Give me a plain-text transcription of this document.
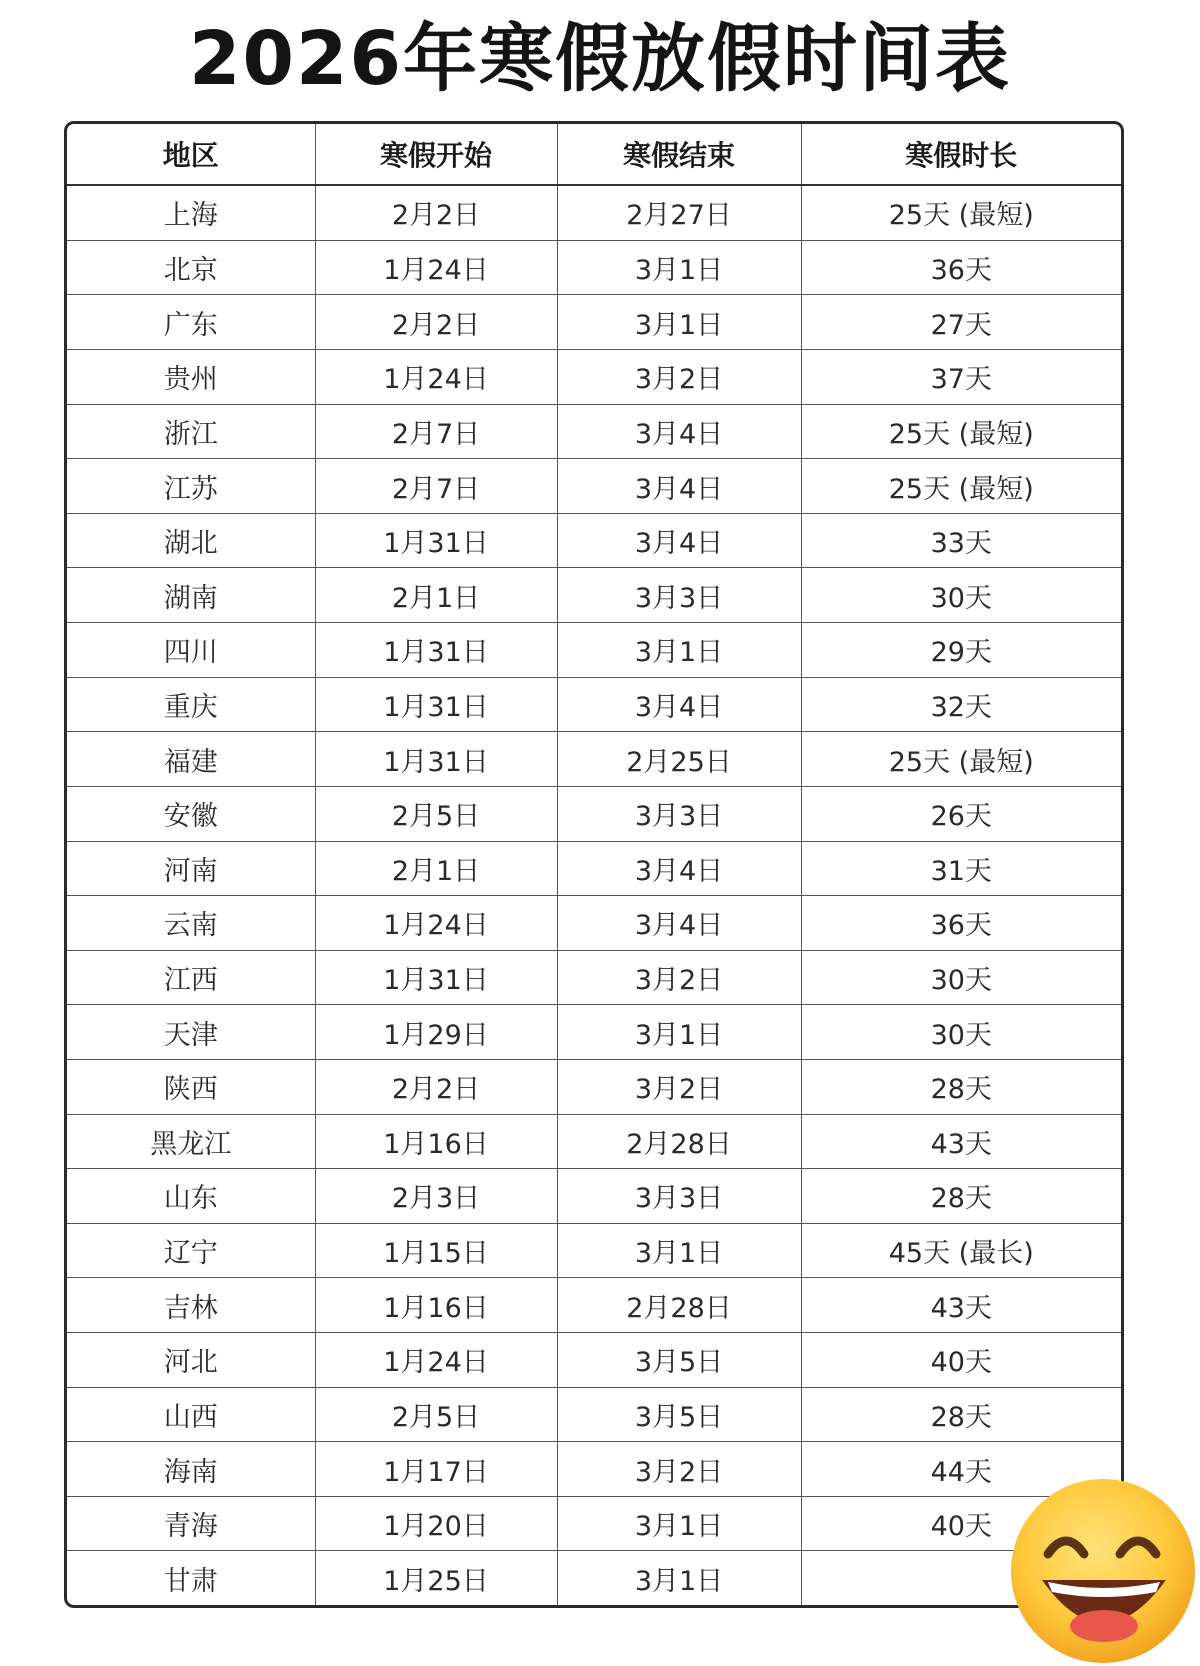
2026年寒假放假时间表
地区	寒假开始	寒假结束	寒假时长
上海	2月2日	2月27日	25天 (最短)
北京	1月24日	3月1日	36天
广东	2月2日	3月1日	27天
贵州	1月24日	3月2日	37天
浙江	2月7日	3月4日	25天 (最短)
江苏	2月7日	3月4日	25天 (最短)
湖北	1月31日	3月4日	33天
湖南	2月1日	3月3日	30天
四川	1月31日	3月1日	29天
重庆	1月31日	3月4日	32天
福建	1月31日	2月25日	25天 (最短)
安徽	2月5日	3月3日	26天
河南	2月1日	3月4日	31天
云南	1月24日	3月4日	36天
江西	1月31日	3月2日	30天
天津	1月29日	3月1日	30天
陕西	2月2日	3月2日	28天
黑龙江	1月16日	2月28日	43天
山东	2月3日	3月3日	28天
辽宁	1月15日	3月1日	45天 (最长)
吉林	1月16日	2月28日	43天
河北	1月24日	3月5日	40天
山西	2月5日	3月5日	28天
海南	1月17日	3月2日	44天
青海	1月20日	3月1日	40天
甘肃	1月25日	3月1日	
